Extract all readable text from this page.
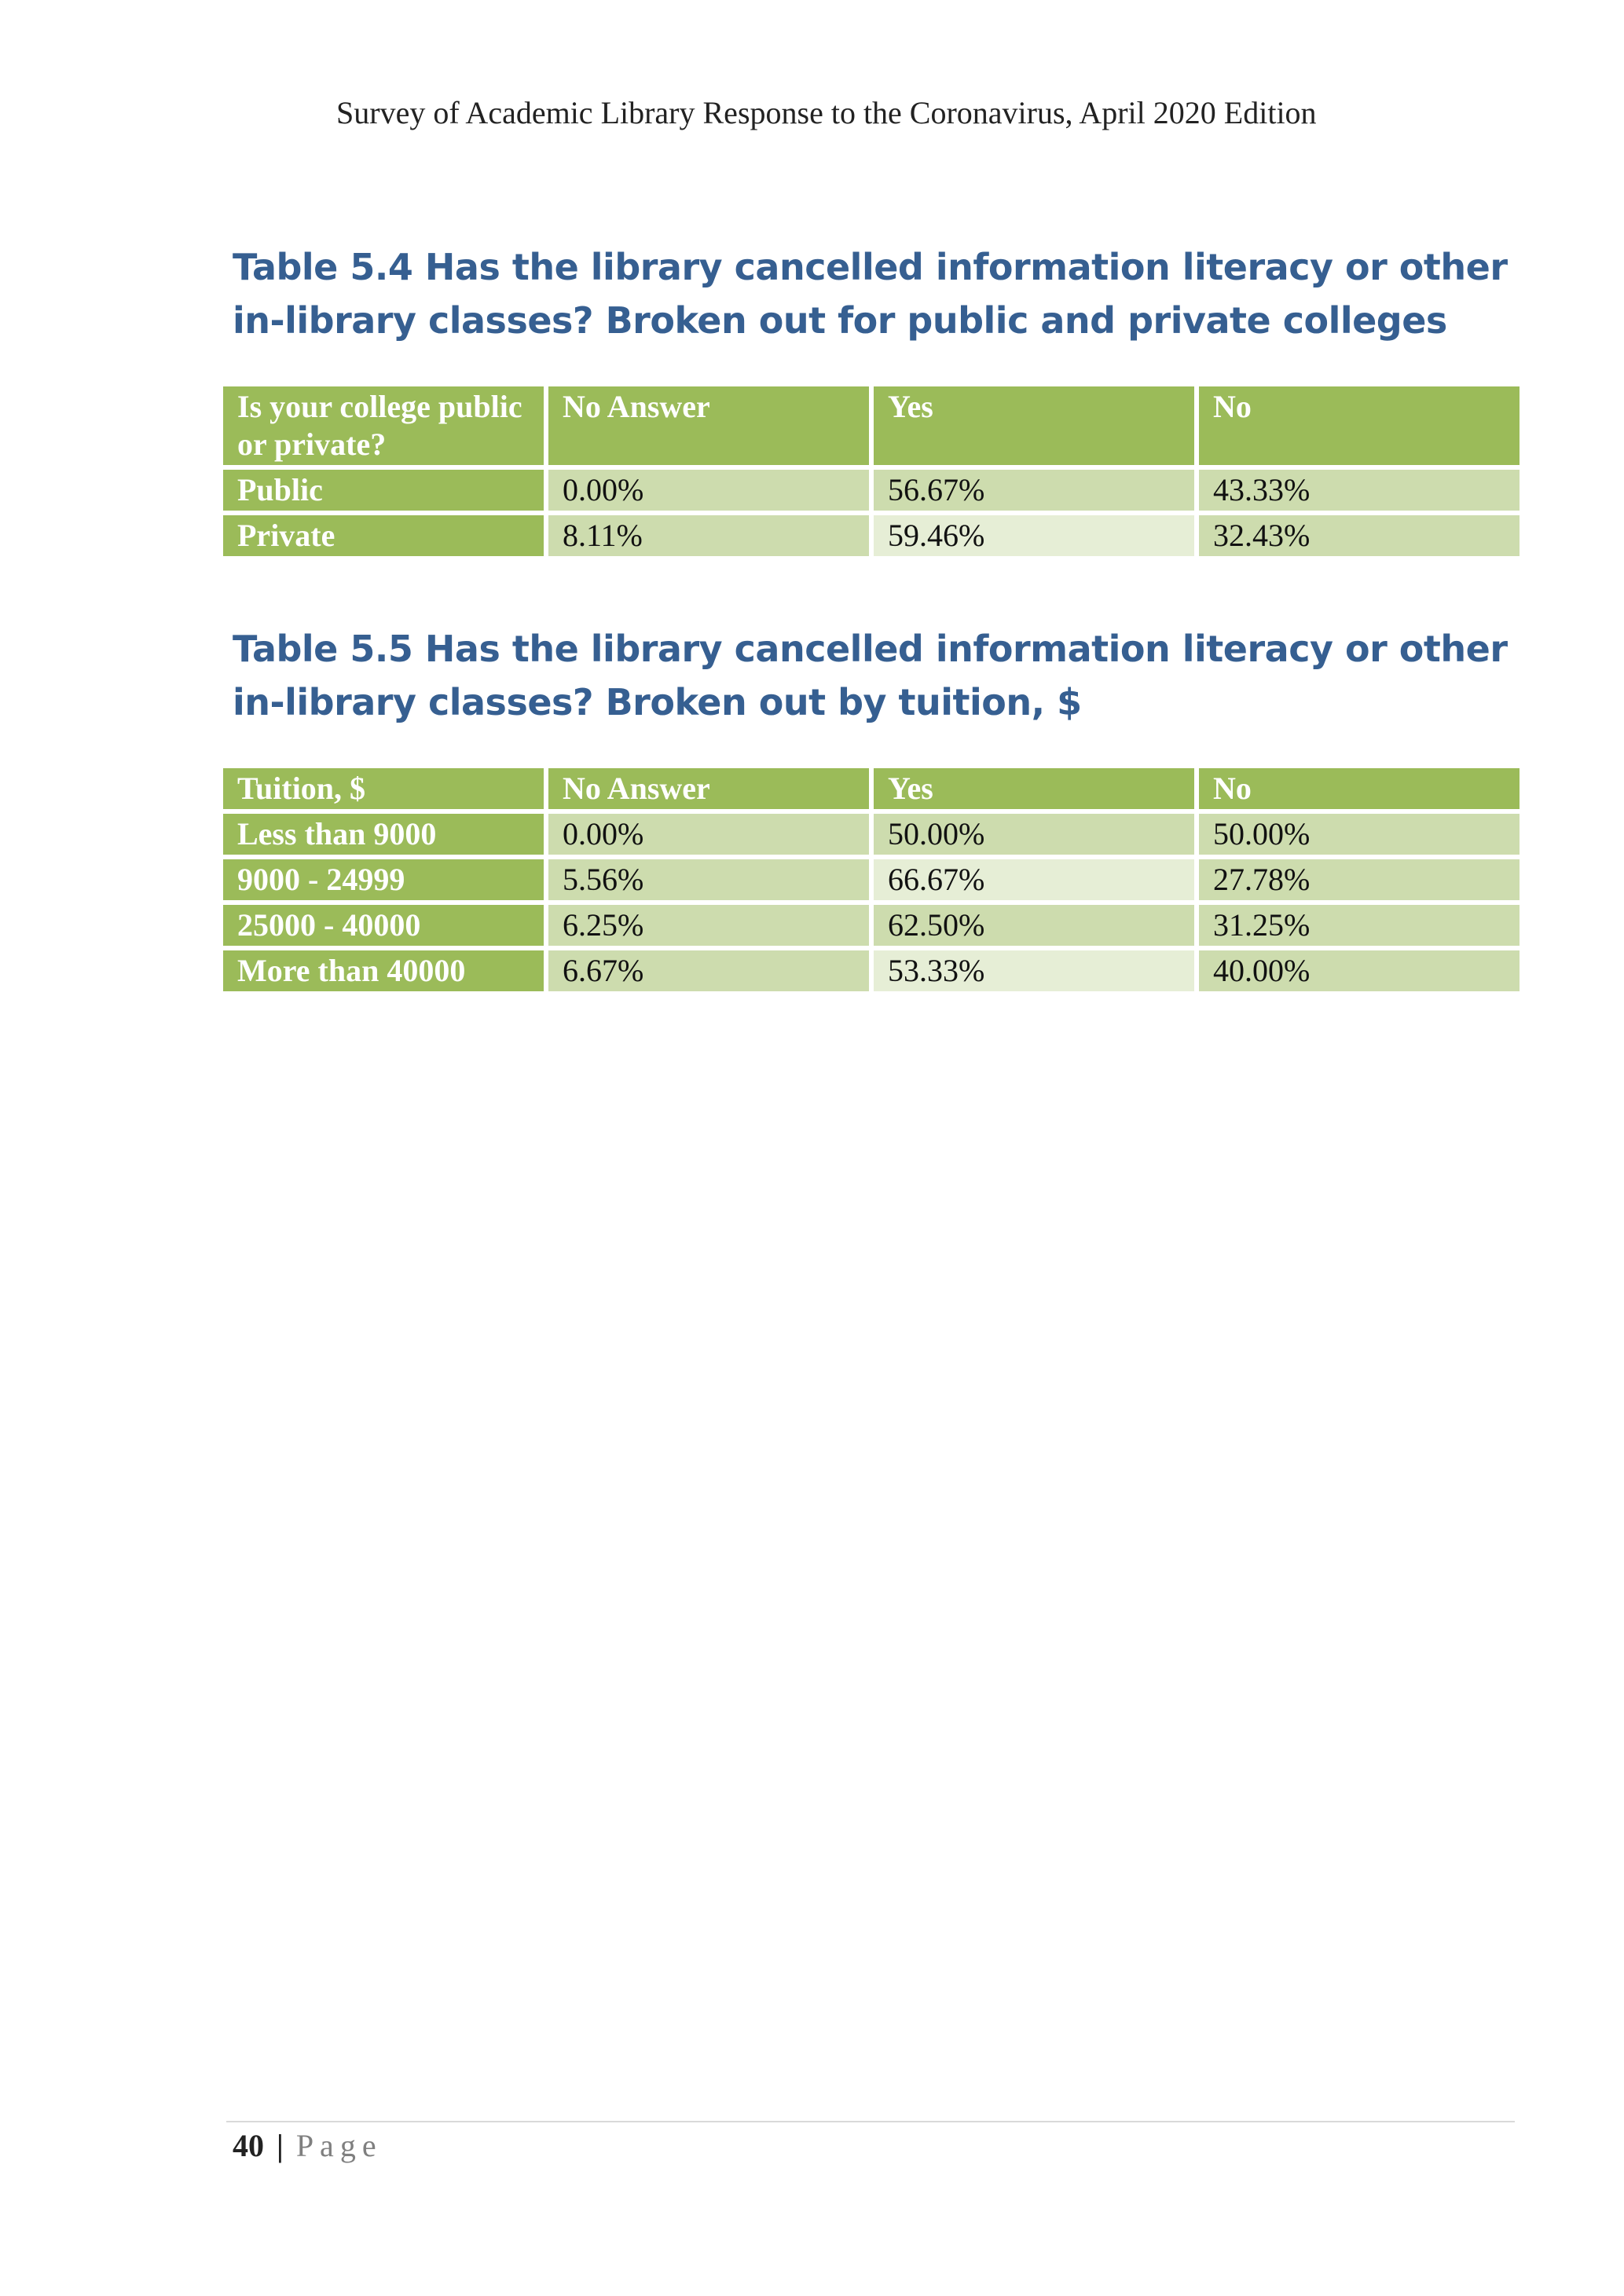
Survey of Academic Library Response to the Coronavirus, April 2020 Edition
Table 5.4 Has the library cancelled information literacy or other in-library classes? Broken out for public and private colleges
Is your college public or private?	No Answer	Yes	No
Public	0.00%	56.67%	43.33%
Private	8.11%	59.46%	32.43%
Table 5.5 Has the library cancelled information literacy or other in-library classes? Broken out by tuition, $
Tuition, $	No Answer	Yes	No
Less than 9000	0.00%	50.00%	50.00%
9000 - 24999	5.56%	66.67%	27.78%
25000 - 40000	6.25%	62.50%	31.25%
More than 40000	6.67%	53.33%	40.00%
40 | Page
